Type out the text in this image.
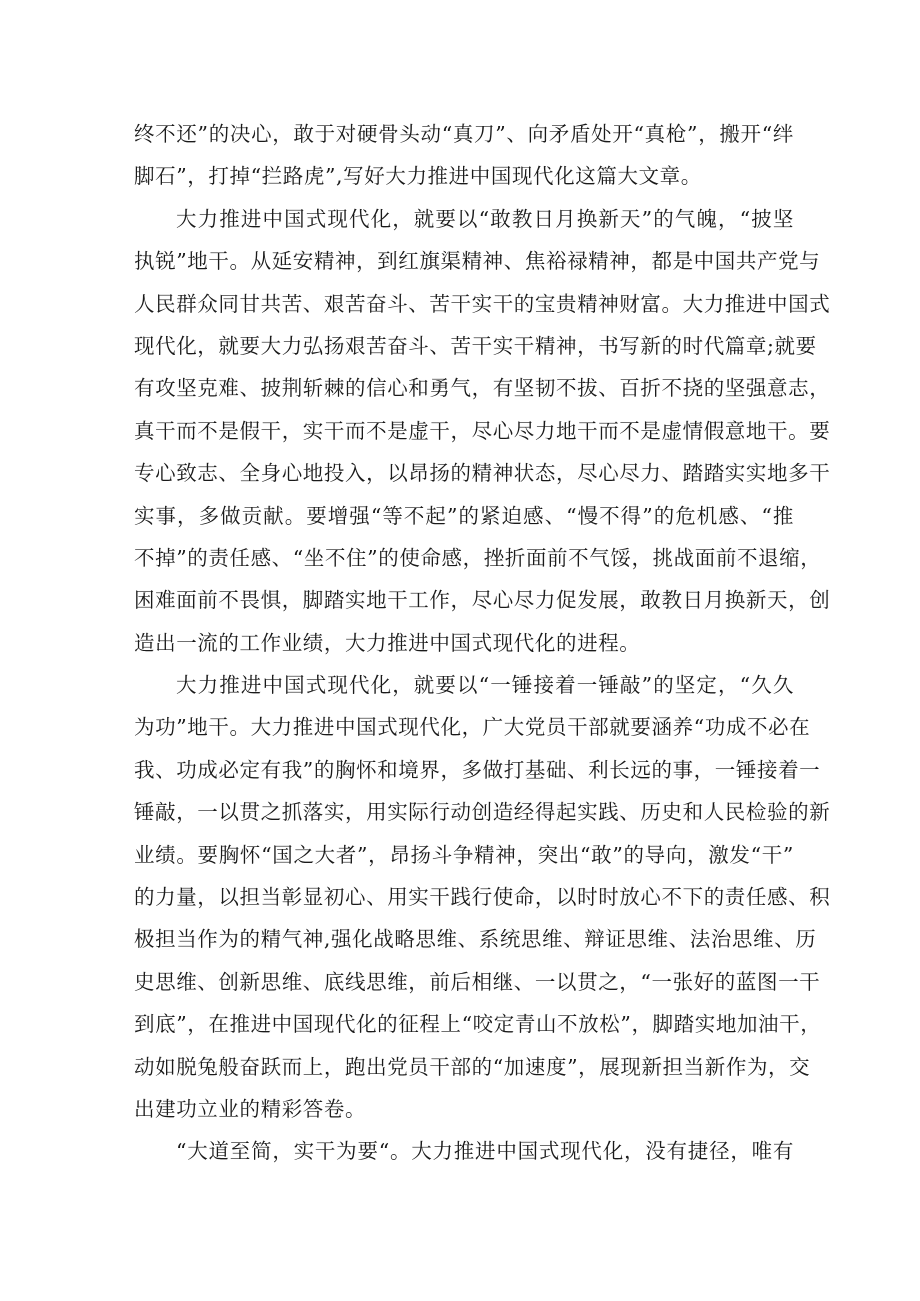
终不还”的决心，敢于对硬骨头动“真刀”、向矛盾处开“真枪”，搬开“绊
脚石”，打掉“拦路虎”,写好大力推进中国现代化这篇大文章。
大力推进中国式现代化，就要以“敢教日月换新天”的气魄，“披坚
执锐”地干。从延安精神，到红旗渠精神、焦裕禄精神，都是中国共产党与
人民群众同甘共苦、艰苦奋斗、苦干实干的宝贵精神财富。大力推进中国式
现代化，就要大力弘扬艰苦奋斗、苦干实干精神，书写新的时代篇章;就要
有攻坚克难、披荆斩棘的信心和勇气，有坚韧不拔、百折不挠的坚强意志，
真干而不是假干，实干而不是虚干，尽心尽力地干而不是虚情假意地干。要
专心致志、全身心地投入，以昂扬的精神状态，尽心尽力、踏踏实实地多干
实事，多做贡献。要增强“等不起”的紧迫感、“慢不得”的危机感、“推
不掉”的责任感、“坐不住”的使命感，挫折面前不气馁，挑战面前不退缩，
困难面前不畏惧，脚踏实地干工作，尽心尽力促发展，敢教日月换新天，创
造出一流的工作业绩，大力推进中国式现代化的进程。
大力推进中国式现代化，就要以“一锤接着一锤敲”的坚定，“久久
为功”地干。大力推进中国式现代化，广大党员干部就要涵养“功成不必在
我、功成必定有我”的胸怀和境界，多做打基础、利长远的事，一锤接着一
锤敲，一以贯之抓落实，用实际行动创造经得起实践、历史和人民检验的新
业绩。要胸怀“国之大者”，昂扬斗争精神，突出“敢”的导向，激发“干”
的力量，以担当彰显初心、用实干践行使命，以时时放心不下的责任感、积
极担当作为的精气神,强化战略思维、系统思维、辩证思维、法治思维、历
史思维、创新思维、底线思维，前后相继、一以贯之，“一张好的蓝图一干
到底”，在推进中国现代化的征程上“咬定青山不放松”，脚踏实地加油干，
动如脱兔般奋跃而上，跑出党员干部的“加速度”，展现新担当新作为，交
出建功立业的精彩答卷。
“大道至简，实干为要“。大力推进中国式现代化，没有捷径，唯有
